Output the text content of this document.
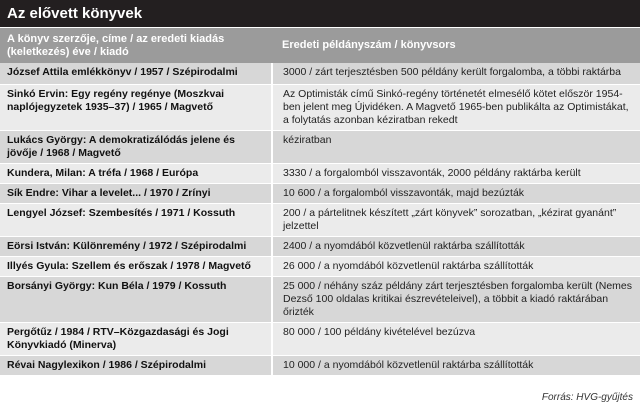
Az elővett könyvek
A könyv szerzője, címe / az eredeti kiadás (keletkezés) éve / kiadó	Eredeti példányszám / könyvsors
József Attila emlékkönyv / 1957 / Szépirodalmi	3000 / zárt terjesztésben 500 példány került forgalomba, a többi raktárba
Sinkó Ervin: Egy regény regénye (Moszkvai naplójegyzetek 1935–37) / 1965 / Magvető	Az Optimisták című Sinkó-regény történetét elmesélő kötet először 1954-ben jelent meg Újvidéken. A Magvető 1965-ben publikálta az Optimistákat, a folytatás azonban kéziratban rekedt
Lukács György: A demokratizálódás jelene és jövője / 1968 / Magvető	kéziratban
Kundera, Milan: A tréfa / 1968 / Európa	3330 / a forgalomból visszavonták, 2000 példány raktárba került
Sík Endre: Vihar a levelet... / 1970 / Zrínyi	10 600 / a forgalomból visszavonták, majd bezúzták
Lengyel József: Szembesítés / 1971 / Kossuth	200 / a pártelitnek készített „zárt könyvek” sorozatban, „kézirat gyanánt” jelzettel
Eörsi István: Különremény / 1972 / Szépirodalmi	2400 / a nyomdából közvetlenül raktárba szállították
Illyés Gyula: Szellem és erőszak / 1978 / Magvető	26 000 / a nyomdából közvetlenül raktárba szállították
Borsányi György: Kun Béla / 1979 / Kossuth	25 000 / néhány száz példány zárt terjesztésben forgalomba került (Nemes Dezső 100 oldalas kritikai észrevételeivel), a többit a kiadó raktárában őrizték
Pergőtűz / 1984 / RTV–Közgazdasági és Jogi Könyvkiadó (Minerva)	80 000 / 100 példány kivételével bezúzva
Révai Nagylexikon / 1986 / Szépirodalmi	10 000 / a nyomdából közvetlenül raktárba szállították
Forrás: HVG-gyűjtés
